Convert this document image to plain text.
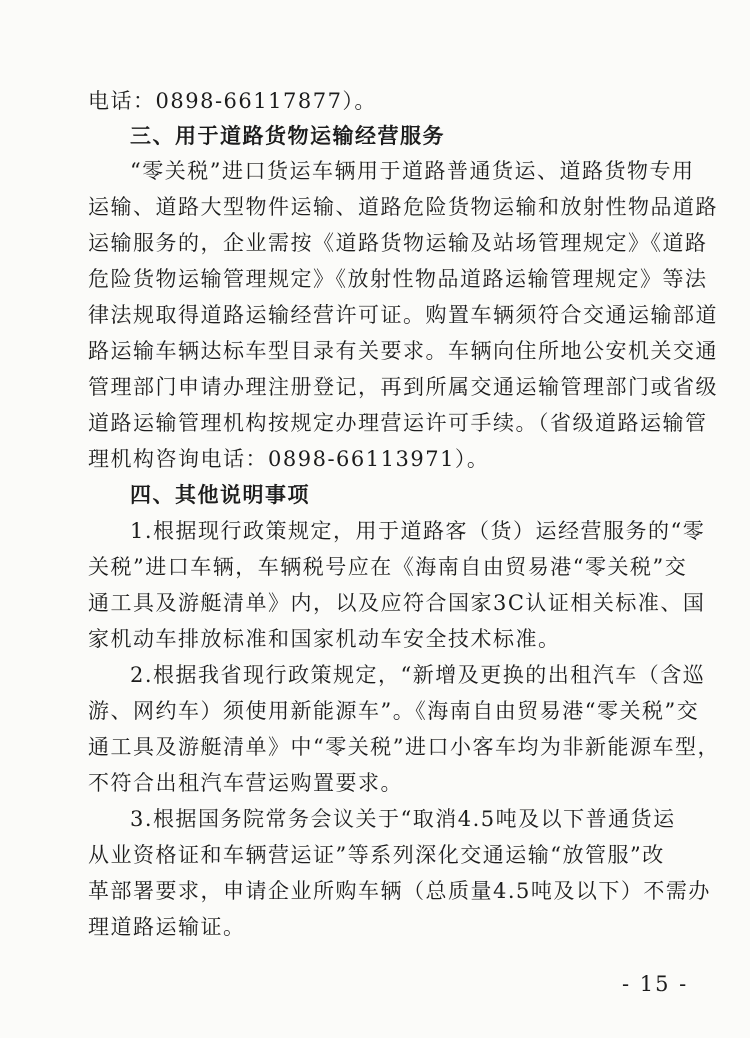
电话：0898-66117877）。
三、用于道路货物运输经营服务
“零关税”进口货运车辆用于道路普通货运、道路货物专用
运输、道路大型物件运输、道路危险货物运输和放射性物品道路
运输服务的，企业需按《道路货物运输及站场管理规定》《道路
危险货物运输管理规定》《放射性物品道路运输管理规定》等法
律法规取得道路运输经营许可证。购置车辆须符合交通运输部道
路运输车辆达标车型目录有关要求。车辆向住所地公安机关交通
管理部门申请办理注册登记，再到所属交通运输管理部门或省级
道路运输管理机构按规定办理营运许可手续。（省级道路运输管
理机构咨询电话：0898-66113971）。
四、其他说明事项
1.根据现行政策规定，用于道路客（货）运经营服务的“零
关税”进口车辆，车辆税号应在《海南自由贸易港“零关税”交
通工具及游艇清单》内，以及应符合国家3C认证相关标准、国
家机动车排放标准和国家机动车安全技术标准。
2.根据我省现行政策规定，“新增及更换的出租汽车（含巡
游、网约车）须使用新能源车”。《海南自由贸易港“零关税”交
通工具及游艇清单》中“零关税”进口小客车均为非新能源车型，
不符合出租汽车营运购置要求。
3.根据国务院常务会议关于“取消4.5吨及以下普通货运
从业资格证和车辆营运证”等系列深化交通运输“放管服”改
革部署要求，申请企业所购车辆（总质量4.5吨及以下）不需办
理道路运输证。
- 15 -
